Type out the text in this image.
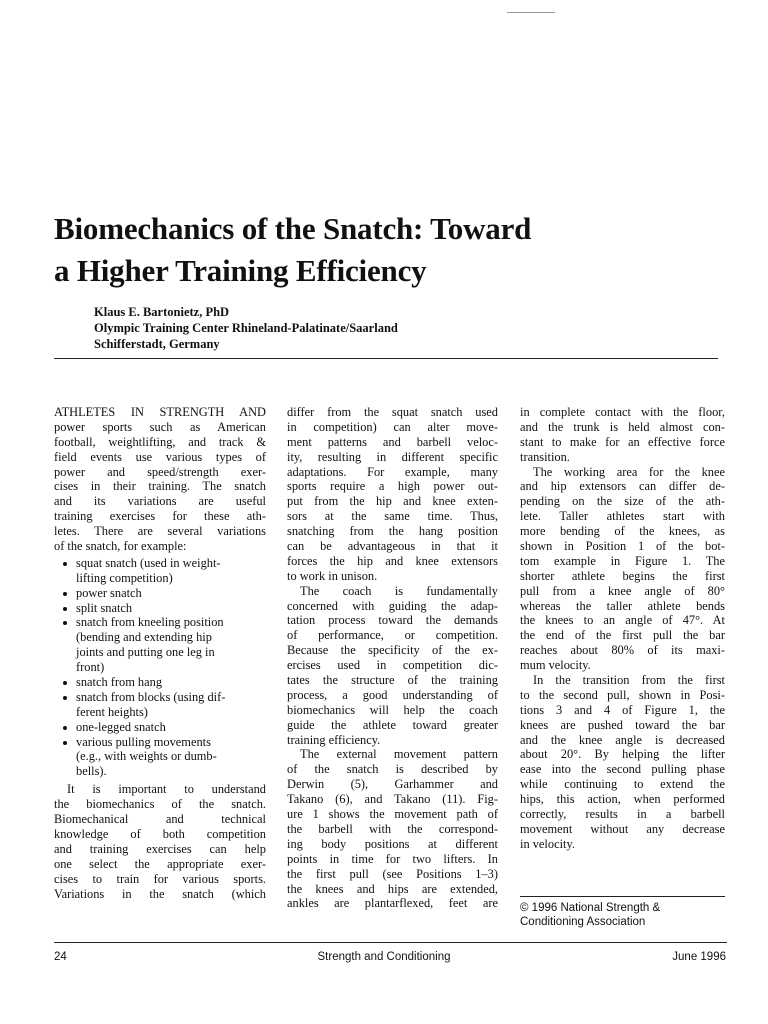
Biomechanics of the Snatch: Toward
a Higher Training Efficiency
Klaus E. Bartonietz, PhD
Olympic Training Center Rhineland-Palatinate/Saarland
Schifferstadt, Germany
ATHLETES IN STRENGTH AND
power sports such as American
football, weightlifting, and track &
field events use various types of
power and speed/strength exer-
cises in their training. The snatch
and its variations are useful
training exercises for these ath-
letes. There are several variations
of the snatch, for example:
squat snatch (used in weight-
lifting competition)
power snatch
split snatch
snatch from kneeling position
(bending and extending hip
joints and putting one leg in
front)
snatch from hang
snatch from blocks (using dif-
ferent heights)
one-legged snatch
various pulling movements
(e.g., with weights or dumb-
bells).
It is important to understand
the biomechanics of the snatch.
Biomechanical and technical
knowledge of both competition
and training exercises can help
one select the appropriate exer-
cises to train for various sports.
Variations in the snatch (which
differ from the squat snatch used
in competition) can alter move-
ment patterns and barbell veloc-
ity, resulting in different specific
adaptations. For example, many
sports require a high power out-
put from the hip and knee exten-
sors at the same time. Thus,
snatching from the hang position
can be advantageous in that it
forces the hip and knee extensors
to work in unison.
The coach is fundamentally
concerned with guiding the adap-
tation process toward the demands
of performance, or competition.
Because the specificity of the ex-
ercises used in competition dic-
tates the structure of the training
process, a good understanding of
biomechanics will help the coach
guide the athlete toward greater
training efficiency.
The external movement pattern
of the snatch is described by
Derwin (5), Garhammer and
Takano (6), and Takano (11). Fig-
ure 1 shows the movement path of
the barbell with the correspond-
ing body positions at different
points in time for two lifters. In
the first pull (see Positions 1–3)
the knees and hips are extended,
ankles are plantarflexed, feet are
in complete contact with the floor,
and the trunk is held almost con-
stant to make for an effective force
transition.
The working area for the knee
and hip extensors can differ de-
pending on the size of the ath-
lete. Taller athletes start with
more bending of the knees, as
shown in Position 1 of the bot-
tom example in Figure 1. The
shorter athlete begins the first
pull from a knee angle of 80°
whereas the taller athlete bends
the knees to an angle of 47°. At
the end of the first pull the bar
reaches about 80% of its maxi-
mum velocity.
In the transition from the first
to the second pull, shown in Posi-
tions 3 and 4 of Figure 1, the
knees are pushed toward the bar
and the knee angle is decreased
about 20°. By helping the lifter
ease into the second pulling phase
while continuing to extend the
hips, this action, when performed
correctly, results in a barbell
movement without any decrease
in velocity.
© 1996 National Strength &
Conditioning Association
24	Strength and Conditioning	June 1996
